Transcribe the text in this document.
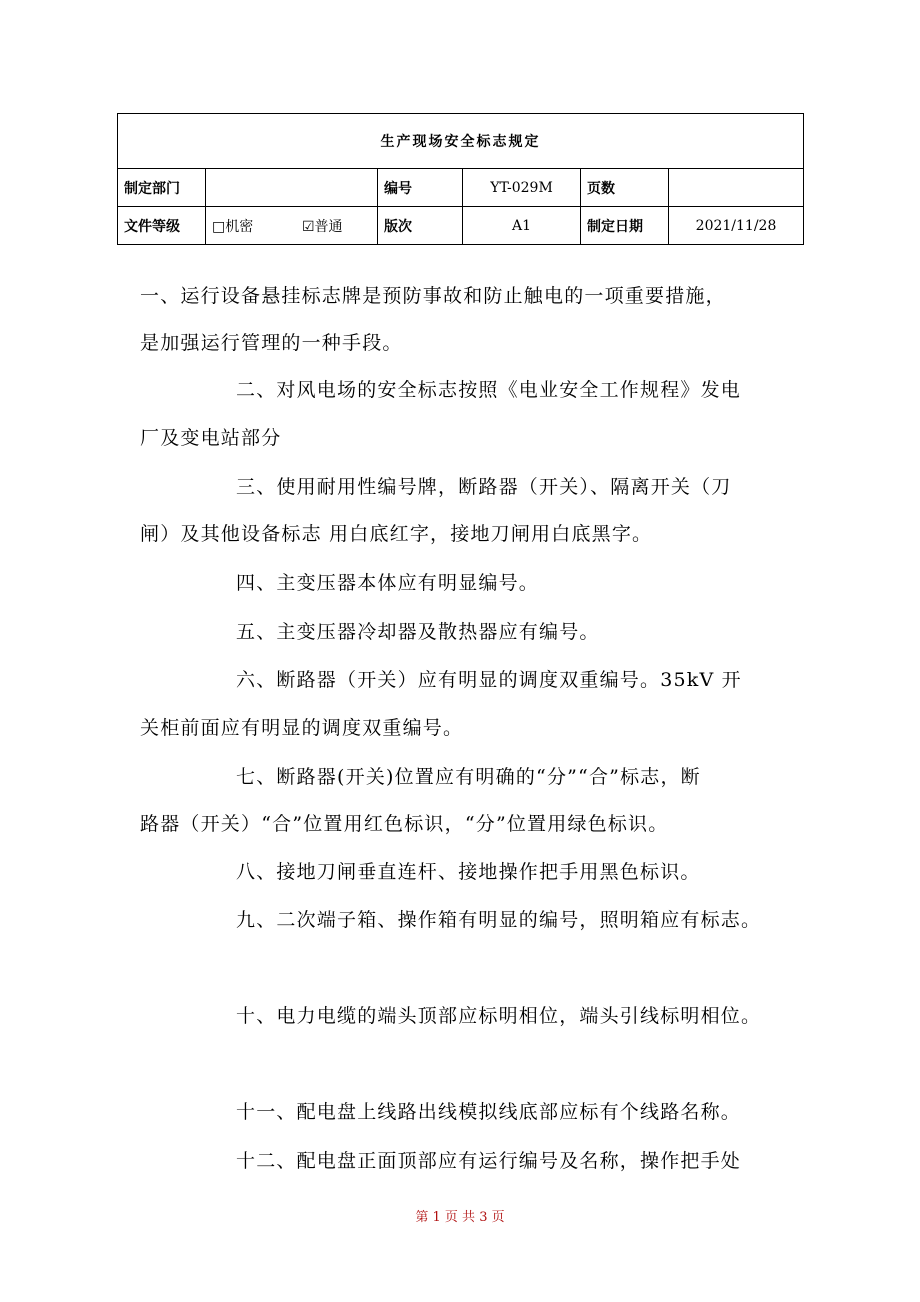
生产现场安全标志规定					
制定部门		编号	YT-029M	页数	
文件等级	□机密 ☑普通	版次	A1	制定日期	2021/11/28
一、运行设备悬挂标志牌是预防事故和防止触电的一项重要措施，
是加强运行管理的一种手段。
二、对风电场的安全标志按照《电业安全工作规程》发电
厂及变电站部分
三、使用耐用性编号牌，断路器（开关）、隔离开关（刀
闸）及其他设备标志 用白底红字，接地刀闸用白底黑字。
四、主变压器本体应有明显编号。
五、主变压器冷却器及散热器应有编号。
六、断路器（开关）应有明显的调度双重编号。35kV 开
关柜前面应有明显的调度双重编号。
七、断路器(开关)位置应有明确的“分”“合”标志，断
路器（开关）“合”位置用红色标识，“分”位置用绿色标识。
八、接地刀闸垂直连杆、接地操作把手用黑色标识。
九、二次端子箱、操作箱有明显的编号，照明箱应有标志。
十、电力电缆的端头顶部应标明相位，端头引线标明相位。
十一、配电盘上线路出线模拟线底部应标有个线路名称。
十二、配电盘正面顶部应有运行编号及名称，操作把手处
第 1 页 共 3 页
